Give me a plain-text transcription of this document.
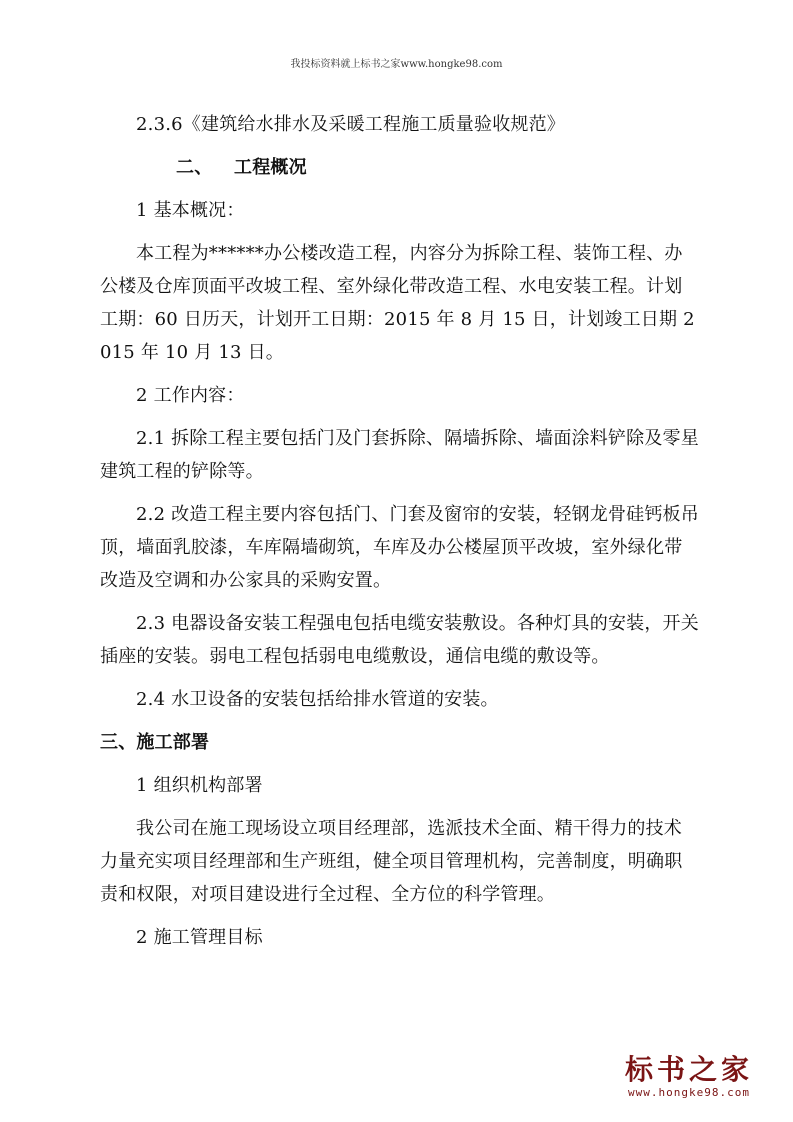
我投标资料就上标书之家www.hongke98.com

2.3.6《建筑给水排水及采暖工程施工质量验收规范》

二、 工程概况

1 基本概况：

本工程为******办公楼改造工程，内容分为拆除工程、装饰工程、办公楼及仓库顶面平改坡工程、室外绿化带改造工程、水电安装工程。计划工期：60 日历天，计划开工日期：2015 年 8 月 15 日，计划竣工日期 2015 年 10 月 13 日。

2 工作内容：

2.1 拆除工程主要包括门及门套拆除、隔墙拆除、墙面涂料铲除及零星建筑工程的铲除等。

2.2 改造工程主要内容包括门、门套及窗帘的安装，轻钢龙骨硅钙板吊顶，墙面乳胶漆，车库隔墙砌筑，车库及办公楼屋顶平改坡，室外绿化带改造及空调和办公家具的采购安置。

2.3 电器设备安装工程强电包括电缆安装敷设。各种灯具的安装，开关插座的安装。弱电工程包括弱电电缆敷设，通信电缆的敷设等。

2.4 水卫设备的安装包括给排水管道的安装。

三、施工部署

1 组织机构部署

我公司在施工现场设立项目经理部，选派技术全面、精干得力的技术力量充实项目经理部和生产班组，健全项目管理机构，完善制度，明确职责和权限，对项目建设进行全过程、全方位的科学管理。

2 施工管理目标

标书之家
www.hongke98.com
